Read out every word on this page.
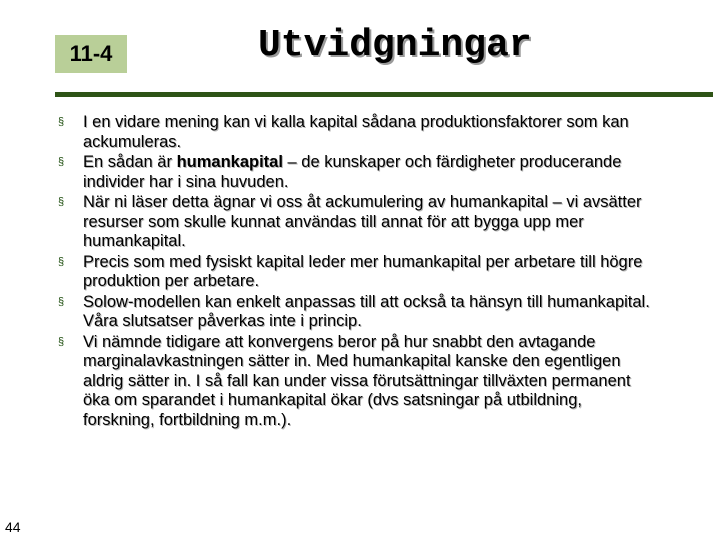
11-4	Utvidgningar
§ I en vidare mening kan vi kalla kapital sådana produktionsfaktorer som kan ackumuleras.
§ En sådan är humankapital – de kunskaper och färdigheter producerande individer har i sina huvuden.
§ När ni läser detta ägnar vi oss åt ackumulering av humankapital – vi avsätter resurser som skulle kunnat användas till annat för att bygga upp mer humankapital.
§ Precis som med fysiskt kapital leder mer humankapital per arbetare till högre produktion per arbetare.
§ Solow-modellen kan enkelt anpassas till att också ta hänsyn till humankapital. Våra slutsatser påverkas inte i princip.
§ Vi nämnde tidigare att konvergens beror på hur snabbt den avtagande marginalavkastningen sätter in. Med humankapital kanske den egentligen aldrig sätter in. I så fall kan under vissa förutsättningar tillväxten permanent öka om sparandet i humankapital ökar (dvs satsningar på utbildning, forskning, fortbildning m.m.).
44
